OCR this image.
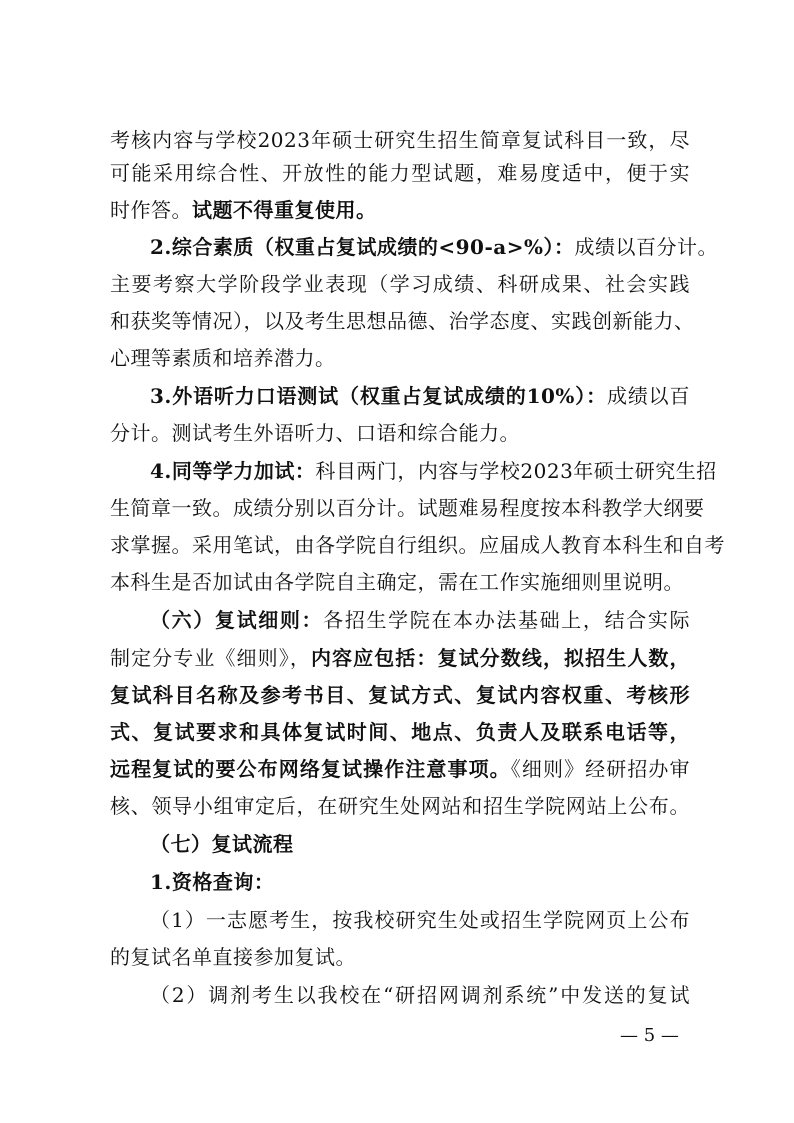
考核内容与学校2023年硕士研究生招生简章复试科目一致，尽
可能采用综合性、开放性的能力型试题，难易度适中，便于实
时作答。试题不得重复使用。
2.综合素质（权重占复试成绩的<90-a>%）：成绩以百分计。
主要考察大学阶段学业表现（学习成绩、科研成果、社会实践
和获奖等情况），以及考生思想品德、治学态度、实践创新能力、
心理等素质和培养潜力。
3.外语听力口语测试（权重占复试成绩的10%）：成绩以百
分计。测试考生外语听力、口语和综合能力。
4.同等学力加试：科目两门，内容与学校2023年硕士研究生招
生简章一致。成绩分别以百分计。试题难易程度按本科教学大纲要
求掌握。采用笔试，由各学院自行组织。应届成人教育本科生和自考
本科生是否加试由各学院自主确定，需在工作实施细则里说明。
（六）复试细则：各招生学院在本办法基础上，结合实际
制定分专业《细则》，内容应包括：复试分数线，拟招生人数，
复试科目名称及参考书目、复试方式、复试内容权重、考核形
式、复试要求和具体复试时间、地点、负责人及联系电话等，
远程复试的要公布网络复试操作注意事项。《细则》经研招办审
核、领导小组审定后，在研究生处网站和招生学院网站上公布。
（七）复试流程
1.资格查询：
（1）一志愿考生，按我校研究生处或招生学院网页上公布
的复试名单直接参加复试。
（2）调剂考生以我校在“研招网调剂系统”中发送的复试
— 5 —
